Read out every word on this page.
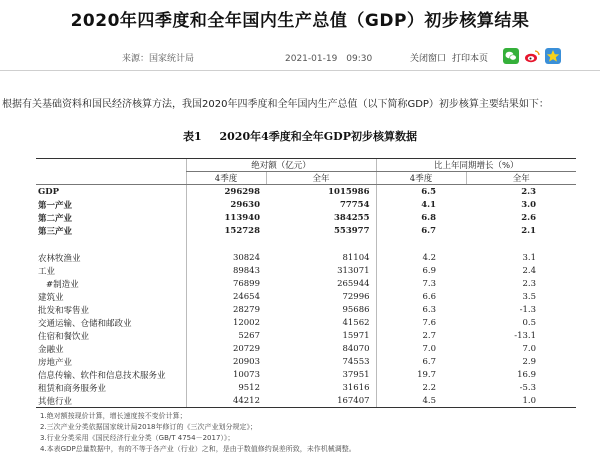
2020年四季度和全年国内生产总值（GDP）初步核算结果
来源：国家统计局	2021-01-19　09:30	关闭窗口 打印本页
根据有关基础资料和国民经济核算方法，我国2020年四季度和全年国内生产总值（以下简称GDP）初步核算主要结果如下：
表1 2020年4季度和全年GDP初步核算数据
	绝对额（亿元）		比上年同期增长（%）	
	4季度	全年	4季度	全年
GDP	296298	1015986	6.5	2.3
第一产业	29630	77754	4.1	3.0
第二产业	113940	384255	6.8	2.6
第三产业	152728	553977	6.7	2.1

农林牧渔业	30824	81104	4.2	3.1
工业	89843	313071	6.9	2.4
#制造业	76899	265944	7.3	2.3
建筑业	24654	72996	6.6	3.5
批发和零售业	28279	95686	6.3	-1.3
交通运输、仓储和邮政业	12002	41562	7.6	0.5
住宿和餐饮业	5267	15971	2.7	-13.1
金融业	20729	84070	7.0	7.0
房地产业	20903	74553	6.7	2.9
信息传输、软件和信息技术服务业	10073	37951	19.7	16.9
租赁和商务服务业	9512	31616	2.2	-5.3
其他行业	44212	167407	4.5	1.0
1.绝对额按现价计算，增长速度按不变价计算；
2.三次产业分类依据国家统计局2018年修订的《三次产业划分规定》；
3.行业分类采用《国民经济行业分类（GB/T 4754－2017）》；
4.本表GDP总量数据中，有的不等于各产业（行业）之和，是由于数值修约误差所致，未作机械调整。
